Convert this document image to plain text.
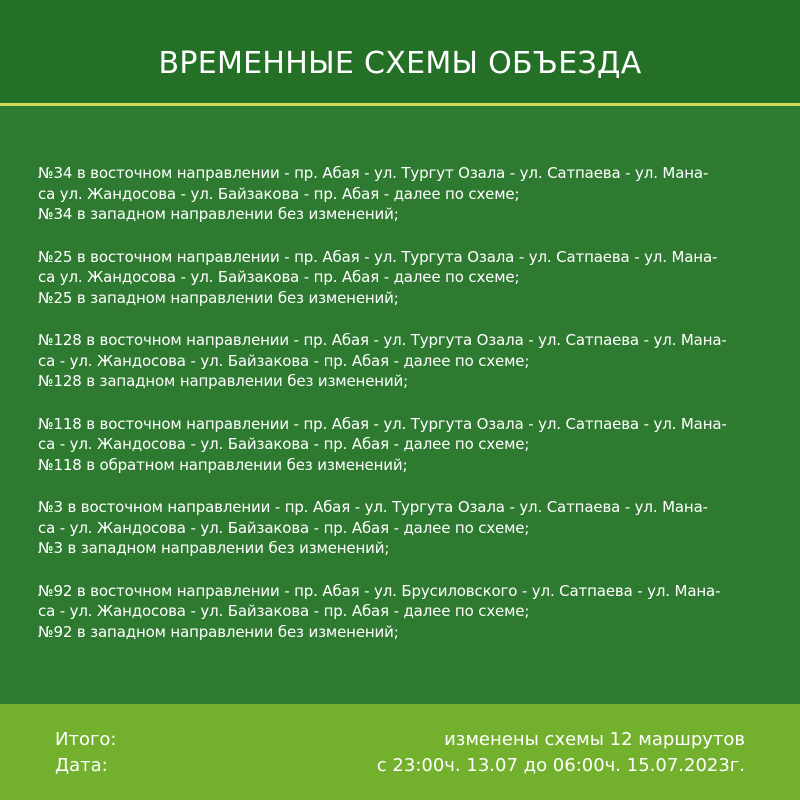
ВРЕМЕННЫЕ СХЕМЫ ОБЪЕЗДА
№34 в восточном направлении - пр. Абая - ул. Тургут Озала - ул. Сатпаева - ул. Мана-
са ул. Жандосова - ул. Байзакова - пр. Абая - далее по схеме;
№34 в западном направлении без изменений;
№25 в восточном направлении - пр. Абая - ул. Тургута Озала - ул. Сатпаева - ул. Мана-
са ул. Жандосова - ул. Байзакова - пр. Абая - далее по схеме;
№25 в западном направлении без изменений;
№128 в восточном направлении - пр. Абая - ул. Тургута Озала - ул. Сатпаева - ул. Мана-
са - ул. Жандосова - ул. Байзакова - пр. Абая - далее по схеме;
№128 в западном направлении без изменений;
№118 в восточном направлении - пр. Абая - ул. Тургута Озала - ул. Сатпаева - ул. Мана-
са - ул. Жандосова - ул. Байзакова - пр. Абая - далее по схеме;
№118 в обратном направлении без изменений;
№3 в восточном направлении - пр. Абая - ул. Тургута Озала - ул. Сатпаева - ул. Мана-
са - ул. Жандосова - ул. Байзакова - пр. Абая - далее по схеме;
№3 в западном направлении без изменений;
№92 в восточном направлении - пр. Абая - ул. Брусиловского - ул. Сатпаева - ул. Мана-
са - ул. Жандосова - ул. Байзакова - пр. Абая - далее по схеме;
№92 в западном направлении без изменений;
Итого:	изменены схемы 12 маршрутов
Дата:	с 23:00ч. 13.07 до 06:00ч. 15.07.2023г.
